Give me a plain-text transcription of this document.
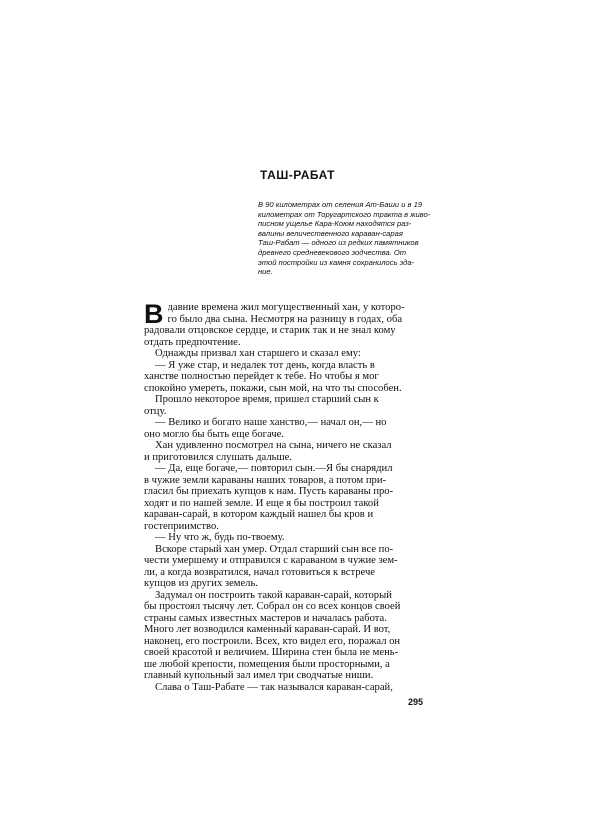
ТАШ-РАБАТ
В 90 километрах от селения Ат-Баши и в 19
километрах от Торугартского тракта в живо-
писном ущелье Кара-Коюм находятся раз-
валины величественного караван-сарая
Таш-Рабат — одного из редких памятников
древнего средневекового зодчества. От
этой постройки из камня сохранилось зда-
ние.
В давние времена жил могущественный хан, у которо-
го было два сына. Несмотря на разницу в годах, оба
радовали отцовское сердце, и старик так и не знал кому
отдать предпочтение.
Однажды призвал хан старшего и сказал ему:
— Я уже стар, и недалек тот день, когда власть в
ханстве полностью перейдет к тебе. Но чтобы я мог
спокойно умереть, покажи, сын мой, на что ты способен.
Прошло некоторое время, пришел старший сын к
отцу.
— Велико и богато наше ханство,— начал он,— но
оно могло бы быть еще богаче.
Хан удивленно посмотрел на сына, ничего не сказал
и приготовился слушать дальше.
— Да, еще богаче,— повторил сын.—Я бы снарядил
в чужие земли караваны наших товаров, а потом при-
гласил бы приехать купцов к нам. Пусть караваны про-
ходят и по нашей земле. И еще я бы построил такой
караван-сарай, в котором каждый нашел бы кров и
гостеприимство.
— Ну что ж, будь по-твоему.
Вскоре старый хан умер. Отдал старший сын все по-
чести умершему и отправился с караваном в чужие зем-
ли, а когда возвратился, начал готовиться к встрече
купцов из других земель.
Задумал он построить такой караван-сарай, который
бы простоял тысячу лет. Собрал он со всех концов своей
страны самых известных мастеров и началась работа.
Много лет возводился каменный караван-сарай. И вот,
наконец, его построили. Всех, кто видел его, поражал он
своей красотой и величием. Ширина стен была не мень-
ше любой крепости, помещения были просторными, а
главный купольный зал имел три сводчатые ниши.
Слава о Таш-Рабате — так назывался караван-сарай,
295
